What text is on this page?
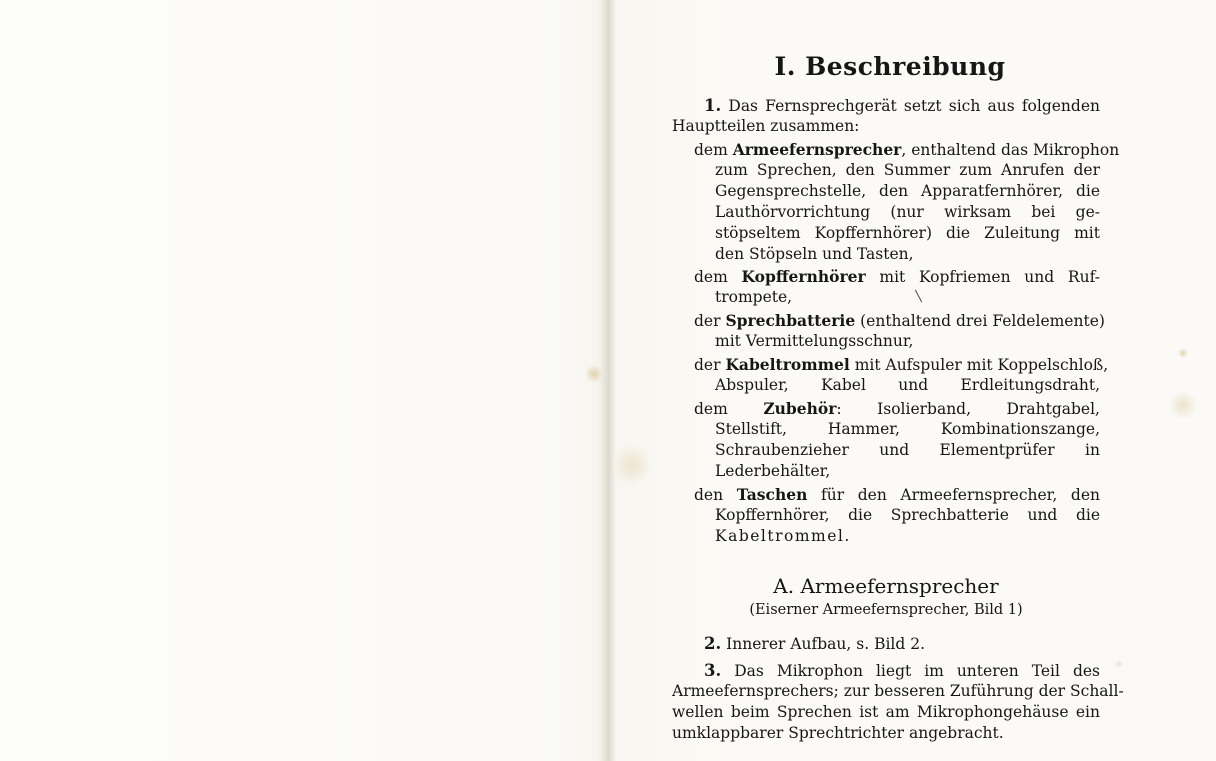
I. Beschreibung
1. Das Fernsprechgerät setzt sich aus folgenden
Hauptteilen zusammen:
dem Armeefernsprecher, enthaltend das Mikrophon
zum Sprechen, den Summer zum Anrufen der
Gegensprechstelle, den Apparatfernhörer, die
Lauthörvorrichtung (nur wirksam bei ge-
stöpseltem Kopffernhörer) die Zuleitung mit
den Stöpseln und Tasten,
dem Kopffernhörer mit Kopfriemen und Ruf-
trompete,
der Sprechbatterie (enthaltend drei Feldelemente)
mit Vermittelungsschnur,
der Kabeltrommel mit Aufspuler mit Koppelschloß,
Abspuler, Kabel und Erdleitungsdraht,
dem Zubehör: Isolierband, Drahtgabel,
Stellstift, Hammer, Kombinationszange,
Schraubenzieher und Elementprüfer in
Lederbehälter,
den Taschen für den Armeefernsprecher, den
Kopffernhörer, die Sprechbatterie und die
Kabeltrommel.
A. Armeefernsprecher
(Eiserner Armeefernsprecher, Bild 1)
2. Innerer Aufbau, s. Bild 2.
3. Das Mikrophon liegt im unteren Teil des
Armeefernsprechers; zur besseren Zuführung der Schall-
wellen beim Sprechen ist am Mikrophongehäuse ein
umklappbarer Sprechtrichter angebracht.
